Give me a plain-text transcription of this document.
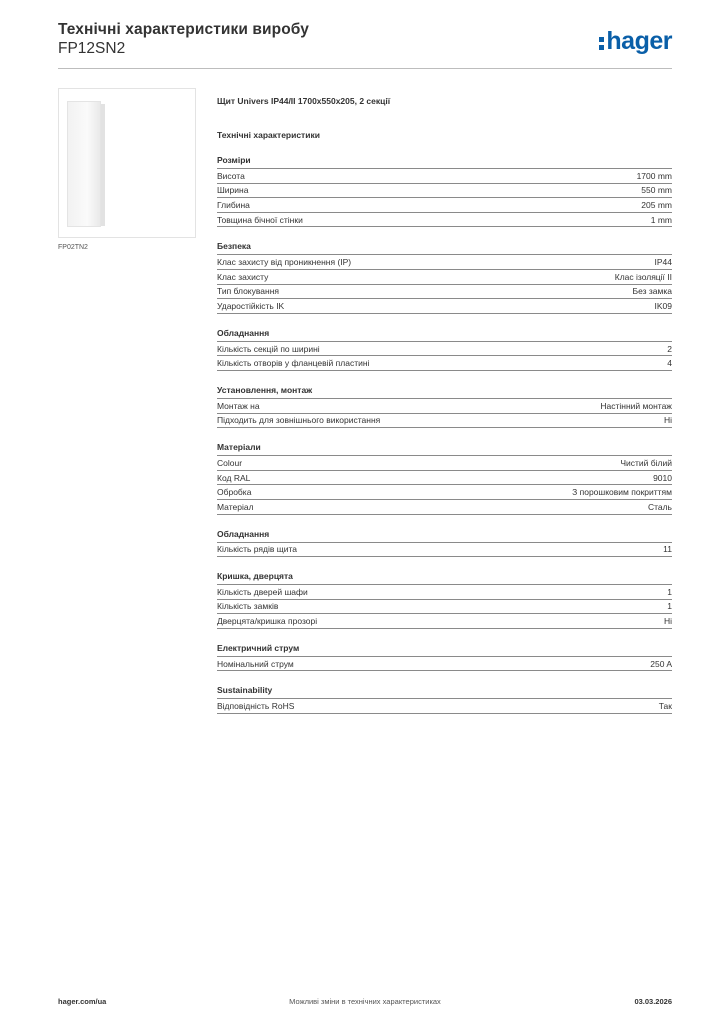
Технічні характеристики виробу
FP12SN2	hager
FP02TN2
Щит Univers IP44/II 1700x550x205, 2 секції
Технічні характеристики
Розміри
Висота	1700 mm
Ширина	550 mm
Глибина	205 mm
Товщина бічної стінки	1 mm
Безпека
Клас захисту від проникнення (IP)	IP44
Клас захисту	Клас ізоляції II
Тип блокування	Без замка
Ударостійкість IK	IK09
Обладнання
Кількість секцій по ширині	2
Кількість отворів у фланцевій пластині	4
Установлення, монтаж
Монтаж на	Настінний монтаж
Підходить для зовнішнього використання	Ні
Матеріали
Colour	Чистий білий
Код RAL	9010
Обробка	З порошковим покриттям
Матеріал	Сталь
Обладнання
Кількість рядів щита	11
Кришка, дверцята
Кількість дверей шафи	1
Кількість замків	1
Дверцята/кришка прозорі	Ні
Електричний струм
Номінальний струм	250 A
Sustainability
Відповідність RoHS	Так
hager.com/ua	Можливі зміни в технічних характеристиках	03.03.2026
